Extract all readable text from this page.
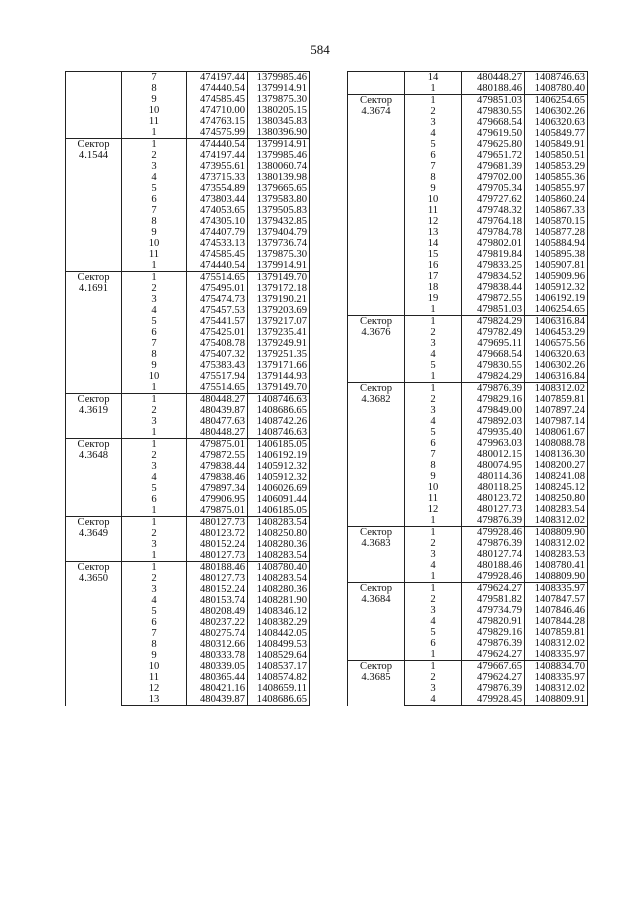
584
	7	474197.44	1379985.46
	8	474440.54	1379914.91
	9	474585.45	1379875.30
	10	474710.00	1380205.15
	11	474763.15	1380345.83
	1	474575.99	1380396.90

Сектор
4.1544	1	474440.54	1379914.91
	2	474197.44	1379985.46
	3	473955.61	1380060.74
	4	473715.33	1380139.98
	5	473554.89	1379665.65
	6	473803.44	1379583.80
	7	474053.65	1379505.83
	8	474305.10	1379432.85
	9	474407.79	1379404.79
	10	474533.13	1379736.74
	11	474585.45	1379875.30
	1	474440.54	1379914.91

Сектор
4.1691	1	475514.65	1379149.70
	2	475495.01	1379172.18
	3	475474.73	1379190.21
	4	475457.53	1379203.69
	5	475441.57	1379217.07
	6	475425.01	1379235.41
	7	475408.78	1379249.91
	8	475407.32	1379251.35
	9	475383.43	1379171.66
	10	475517.94	1379144.93
	1	475514.65	1379149.70

Сектор
4.3619	1	480448.27	1408746.63
	2	480439.87	1408686.65
	3	480477.63	1408742.26
	1	480448.27	1408746.63

Сектор
4.3648	1	479875.01	1406185.05
	2	479872.55	1406192.19
	3	479838.44	1405912.32
	4	479838.46	1405912.32
	5	479897.34	1406026.69
	6	479906.95	1406091.44
	1	479875.01	1406185.05

Сектор
4.3649	1	480127.73	1408283.54
	2	480123.72	1408250.80
	3	480152.24	1408280.36
	1	480127.73	1408283.54

Сектор
4.3650	1	480188.46	1408780.40
	2	480127.73	1408283.54
	3	480152.24	1408280.36
	4	480153.74	1408281.90
	5	480208.49	1408346.12
	6	480237.22	1408382.29
	7	480275.74	1408442.05
	8	480312.66	1408499.53
	9	480333.78	1408529.64
	10	480339.05	1408537.17
	11	480365.44	1408574.82
	12	480421.16	1408659.11
	13	480439.87	1408686.65
	14	480448.27	1408746.63
	1	480188.46	1408780.40

Сектор
4.3674	1	479851.03	1406254.65
	2	479830.55	1406302.26
	3	479668.54	1406320.63
	4	479619.50	1405849.77
	5	479625.80	1405849.91
	6	479651.72	1405850.51
	7	479681.39	1405853.29
	8	479702.00	1405855.36
	9	479705.34	1405855.97
	10	479727.62	1405860.24
	11	479748.32	1405867.33
	12	479764.18	1405870.15
	13	479784.78	1405877.28
	14	479802.01	1405884.94
	15	479819.84	1405895.38
	16	479833.25	1405907.81
	17	479834.52	1405909.96
	18	479838.44	1405912.32
	19	479872.55	1406192.19
	1	479851.03	1406254.65

Сектор
4.3676	1	479824.29	1406316.84
	2	479782.49	1406453.29
	3	479695.11	1406575.56
	4	479668.54	1406320.63
	5	479830.55	1406302.26
	1	479824.29	1406316.84

Сектор
4.3682	1	479876.39	1408312.02
	2	479829.16	1407859.81
	3	479849.00	1407897.24
	4	479892.03	1407987.14
	5	479935.40	1408061.67
	6	479963.03	1408088.78
	7	480012.15	1408136.30
	8	480074.95	1408200.27
	9	480114.36	1408241.08
	10	480118.25	1408245.12
	11	480123.72	1408250.80
	12	480127.73	1408283.54
	1	479876.39	1408312.02

Сектор
4.3683	1	479928.46	1408809.90
	2	479876.39	1408312.02
	3	480127.74	1408283.53
	4	480188.46	1408780.41
	1	479928.46	1408809.90

Сектор
4.3684	1	479624.27	1408335.97
	2	479581.82	1407847.57
	3	479734.79	1407846.46
	4	479820.91	1407844.28
	5	479829.16	1407859.81
	6	479876.39	1408312.02
	1	479624.27	1408335.97

Сектор
4.3685	1	479667.65	1408834.70
	2	479624.27	1408335.97
	3	479876.39	1408312.02
	4	479928.45	1408809.91
